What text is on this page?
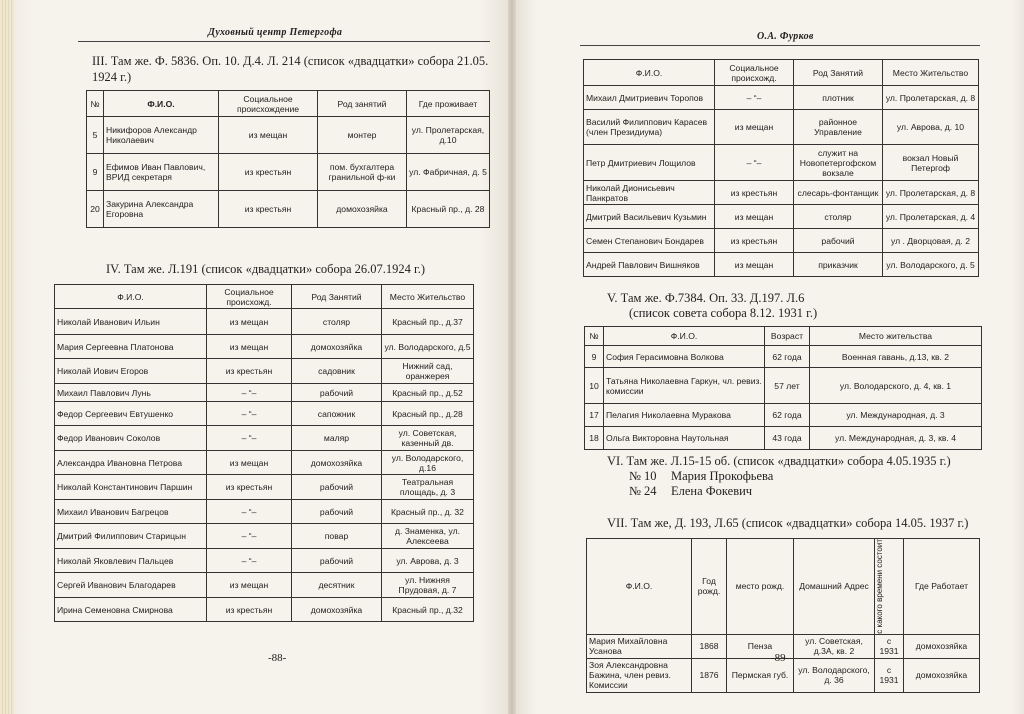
Духовный центр Петергофа
III. Там же. Ф. 5836. Оп. 10. Д.4. Л. 214 (список «двадцатки» собора 21.05. 1924 г.)
№	Ф.И.О.	Социальное происхождение	Род занятий	Где проживает
5	Никифоров Александр Николаевич	из мещан	монтер	ул. Пролетарская, д.10
9	Ефимов Иван Павлович, ВРИД секретаря	из крестьян	пом. бухгалтера гранильной ф-ки	ул. Фабричная, д. 5
20	Закурина Александра Егоровна	из крестьян	домохозяйка	Красный пр., д. 28
IV. Там же. Л.191 (список «двадцатки» собора 26.07.1924 г.)
Ф.И.О.	Социальное происхожд.	Род Занятий	Место Жительство
Николай Иванович Ильин	из мещан	столяр	Красный пр., д.37
Мария Сергеевна Платонова	из мещан	домохозяйка	ул. Володарского, д.5
Николай Иович Егоров	из крестьян	садовник	Нижний сад, оранжерея
Михаил Павлович Лунь	– “–	рабочий	Красный пр., д.52
Федор Сергеевич Евтушенко	– “–	сапожник	Красный пр., д.28
Федор Иванович Соколов	– “–	маляр	ул. Советская, казенный дв.
Александра Ивановна Петрова	из мещан	домохозяйка	ул. Володарского, д.16
Николай Константинович Паршин	из крестьян	рабочий	Театральная площадь, д. 3
Михаил Иванович Багрецов	– “–	рабочий	Красный пр., д. 32
Дмитрий Филиппович Старицын	– “–	повар	д. Знаменка, ул. Алексеева
Николай Яковлевич Пальцев	– “–	рабочий	ул. Аврова, д. 3
Сергей Иванович Благодарев	из мещан	десятник	ул. Нижняя Прудовая, д. 7
Ирина Семеновна Смирнова	из крестьян	домохозяйка	Красный пр., д.32
-88-
О.А. Фурков
Ф.И.О.	Социальное происхожд.	Род Занятий	Место Жительство
Михаил Дмитриевич Торопов	– “–	плотник	ул. Пролетарская, д. 8
Василий Филиппович Карасев (член Президиума)	из мещан	районное Управление	ул. Аврова, д. 10
Петр Дмитриевич Лощилов	– “–	служит на Новопетергофском вокзале	вокзал Новый Петергоф
Николай Дионисьевич Панкратов	из крестьян	слесарь-фонтанщик	ул. Пролетарская, д. 8
Дмитрий Васильевич Кузьмин	из мещан	столяр	ул. Пролетарская, д. 4
Семен Степанович Бондарев	из крестьян	рабочий	ул . Дворцовая, д. 2
Андрей Павлович Вишняков	из мещан	приказчик	ул. Володарского, д. 5
V. Там же. Ф.7384. Оп. 33. Д.197. Л.6
(список совета собора 8.12. 1931 г.)
№	Ф.И.О.	Возраст	Место жительства
9	София Герасимовна Волкова	62 года	Военная гавань, д.13, кв. 2
10	Татьяна Николаевна Гаркун, чл. ревиз. комиссии	57 лет	ул. Володарского, д. 4, кв. 1
17	Пелагия Николаевна Муракова	62 года	ул. Международная, д. 3
18	Ольга Викторовна Наутольная	43 года	ул. Международная, д. 3, кв. 4
VI. Там же. Л.15-15 об. (список «двадцатки» собора 4.05.1935 г.)
№ 10 Мария Прокофьева
№ 24 Елена Фокевич
VII. Там же, Д. 193, Л.65 (список «двадцатки» собора 14.05. 1937 г.)
Ф.И.О.	Год рожд.	место рожд.	Домашний Адрес	с какого времени состоит	Где Работает
Мария Михайловна Усанова	1868	Пенза	ул. Советская, д.3А, кв. 2	с 1931	домохозяйка
Зоя Александровна Бажина, член ревиз. Комиссии	1876	Пермская губ.	ул. Володарского, д. 36	с 1931	домохозяйка
-89-
